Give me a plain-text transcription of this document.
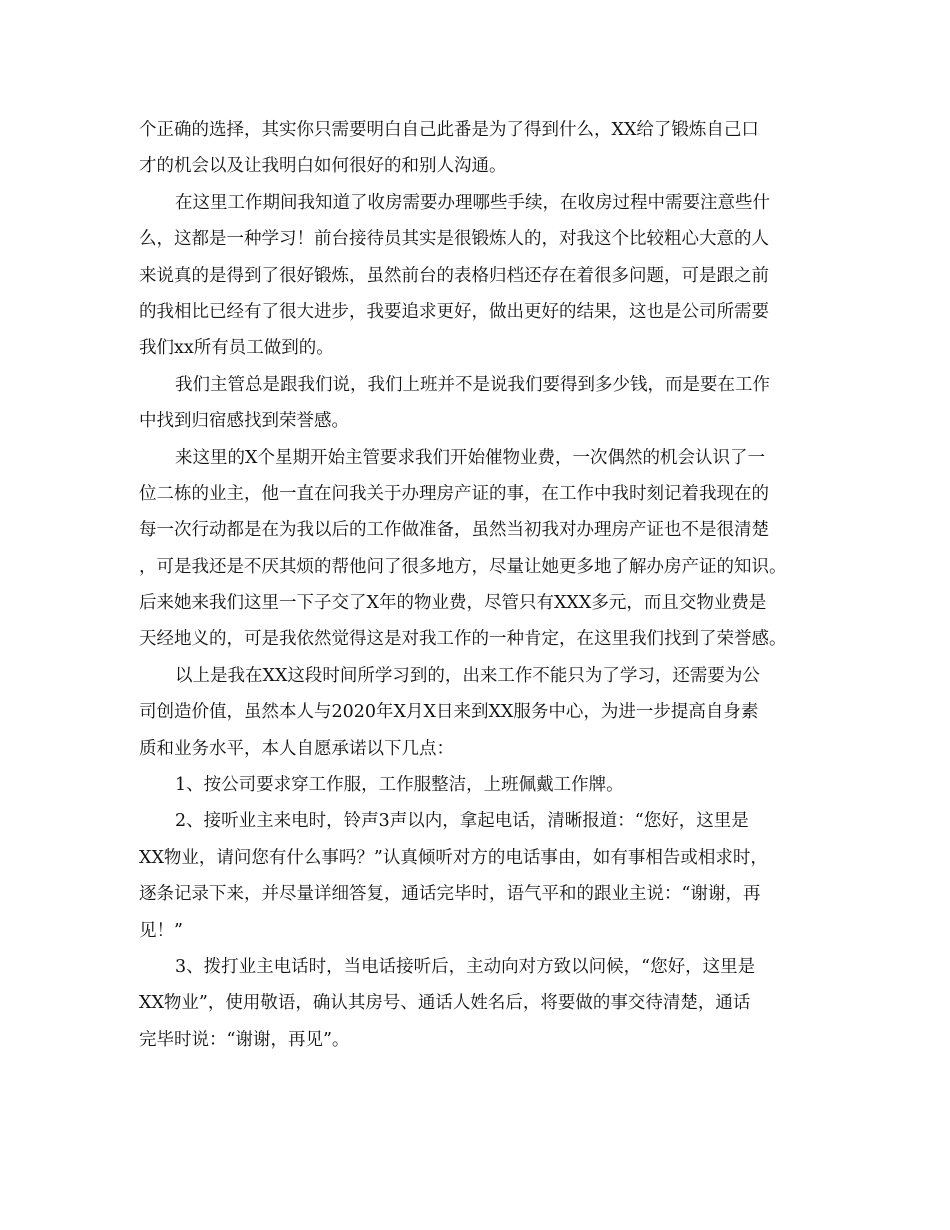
个正确的选择，其实你只需要明白自己此番是为了得到什么，XX给了锻炼自己口
才的机会以及让我明白如何很好的和别人沟通。
在这里工作期间我知道了收房需要办理哪些手续，在收房过程中需要注意些什
么，这都是一种学习！前台接待员其实是很锻炼人的，对我这个比较粗心大意的人
来说真的是得到了很好锻炼，虽然前台的表格归档还存在着很多问题，可是跟之前
的我相比已经有了很大进步，我要追求更好，做出更好的结果，这也是公司所需要
我们xx所有员工做到的。
我们主管总是跟我们说，我们上班并不是说我们要得到多少钱，而是要在工作
中找到归宿感找到荣誉感。
来这里的X个星期开始主管要求我们开始催物业费，一次偶然的机会认识了一
位二栋的业主，他一直在问我关于办理房产证的事，在工作中我时刻记着我现在的
每一次行动都是在为我以后的工作做准备，虽然当初我对办理房产证也不是很清楚
，可是我还是不厌其烦的帮他问了很多地方，尽量让她更多地了解办房产证的知识。
后来她来我们这里一下子交了X年的物业费，尽管只有XXX多元，而且交物业费是
天经地义的，可是我依然觉得这是对我工作的一种肯定，在这里我们找到了荣誉感。
以上是我在XX这段时间所学习到的，出来工作不能只为了学习，还需要为公
司创造价值，虽然本人与2020年X月X日来到XX服务中心，为进一步提高自身素
质和业务水平，本人自愿承诺以下几点：
1、按公司要求穿工作服，工作服整洁，上班佩戴工作牌。
2、接听业主来电时，铃声3声以内，拿起电话，清晰报道：“您好，这里是
XX物业，请问您有什么事吗？”认真倾听对方的电话事由，如有事相告或相求时，
逐条记录下来，并尽量详细答复，通话完毕时，语气平和的跟业主说：“谢谢，再
见！”
3、拨打业主电话时，当电话接听后，主动向对方致以问候，“您好，这里是
XX物业”，使用敬语，确认其房号、通话人姓名后，将要做的事交待清楚，通话
完毕时说：“谢谢，再见”。
